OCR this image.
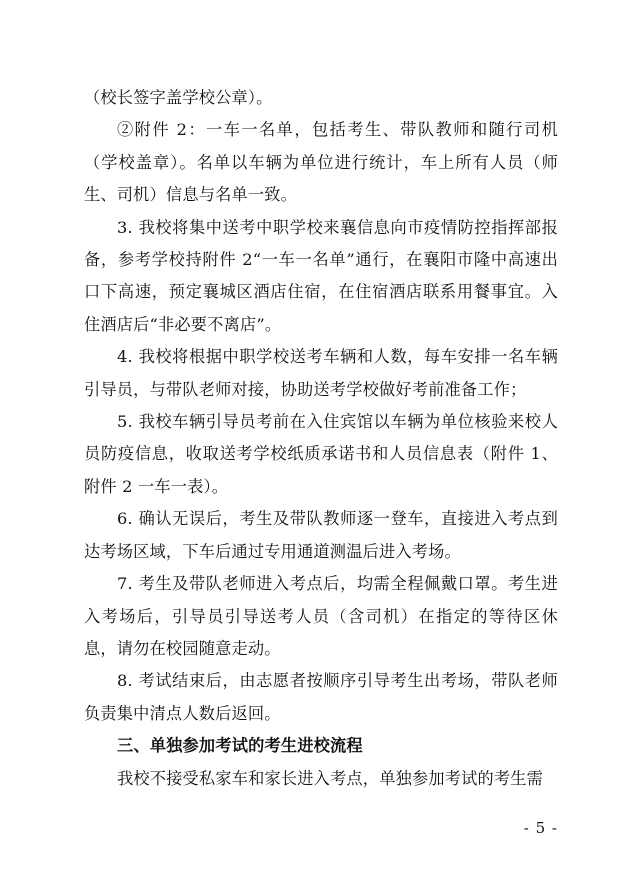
（校长签字盖学校公章）。

②附件 2：一车一名单，包括考生、带队教师和随行司机（学校盖章）。名单以车辆为单位进行统计，车上所有人员（师生、司机）信息与名单一致。

3. 我校将集中送考中职学校来襄信息向市疫情防控指挥部报备，参考学校持附件 2“一车一名单”通行，在襄阳市隆中高速出口下高速，预定襄城区酒店住宿，在住宿酒店联系用餐事宜。入住酒店后“非必要不离店”。

4. 我校将根据中职学校送考车辆和人数，每车安排一名车辆引导员，与带队老师对接，协助送考学校做好考前准备工作；

5. 我校车辆引导员考前在入住宾馆以车辆为单位核验来校人员防疫信息，收取送考学校纸质承诺书和人员信息表（附件 1、附件 2 一车一表）。

6. 确认无误后，考生及带队教师逐一登车，直接进入考点到达考场区域，下车后通过专用通道测温后进入考场。

7. 考生及带队老师进入考点后，均需全程佩戴口罩。考生进入考场后，引导员引导送考人员（含司机）在指定的等待区休息，请勿在校园随意走动。

8. 考试结束后，由志愿者按顺序引导考生出考场，带队老师负责集中清点人数后返回。

三、单独参加考试的考生进校流程

我校不接受私家车和家长进入考点，单独参加考试的考生需

- 5 -
